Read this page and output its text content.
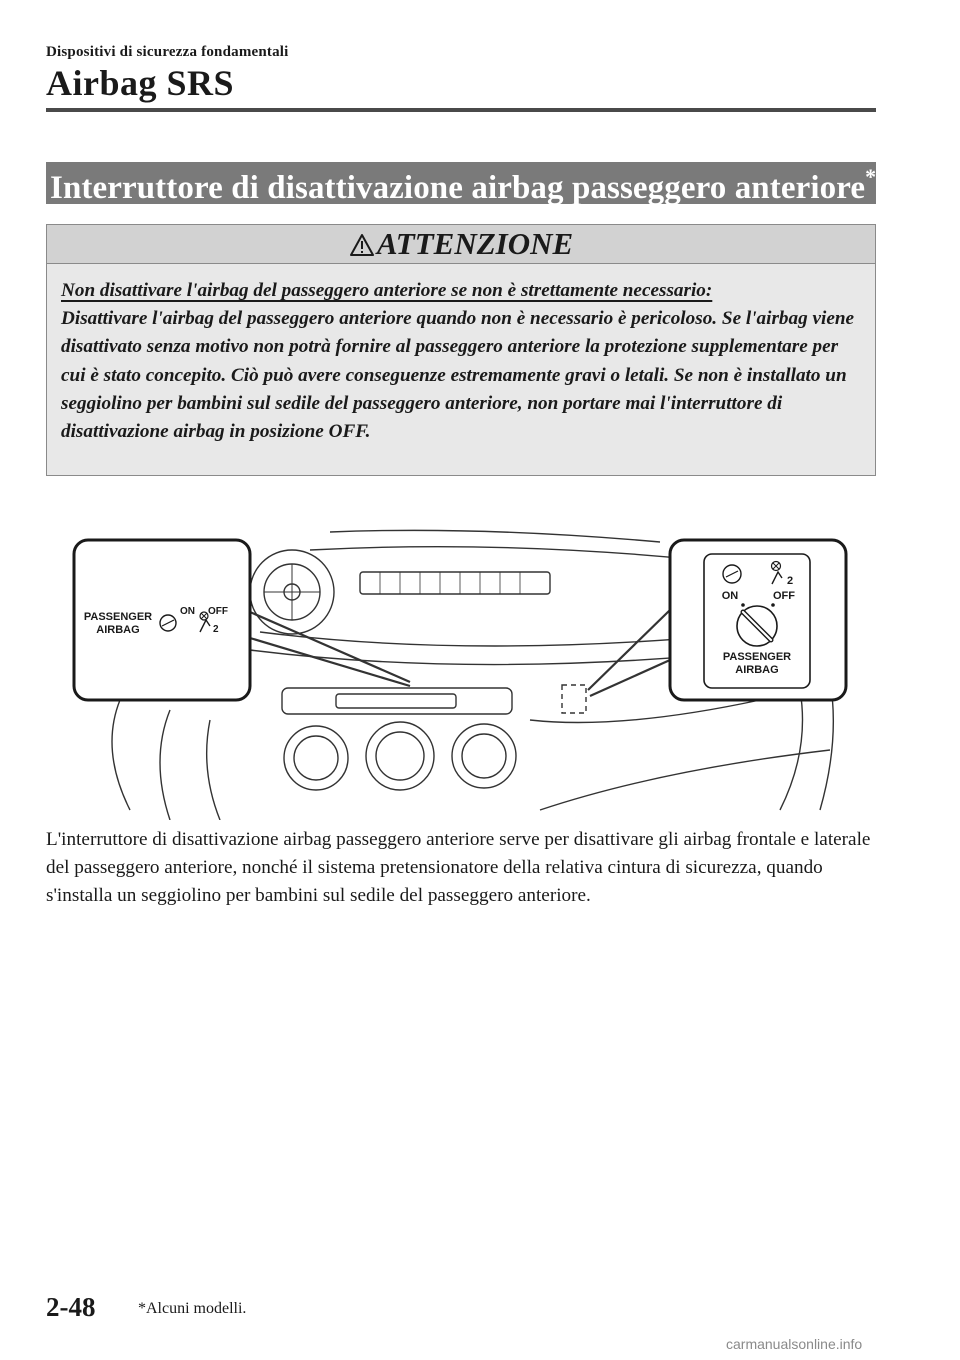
Dispositivi di sicurezza fondamentali
Airbag SRS
Interruttore di disattivazione airbag passeggero anteriore*
ATTENZIONE
Non disattivare l'airbag del passeggero anteriore se non è strettamente necessario:
Disattivare l'airbag del passeggero anteriore quando non è necessario è pericoloso. Se l'airbag viene disattivato senza motivo non potrà fornire al passeggero anteriore la protezione supplementare per cui è stato concepito. Ciò può avere conseguenze estremamente gravi o letali. Se non è installato un seggiolino per bambini sul sedile del passeggero anteriore, non portare mai l'interruttore di disattivazione airbag in posizione OFF.
PASSENGER
AIRBAG
ON OFF
2
2
ON	OFF
PASSENGER
AIRBAG
L'interruttore di disattivazione airbag passeggero anteriore serve per disattivare gli airbag frontale e laterale del passeggero anteriore, nonché il sistema pretensionatore della relativa cintura di sicurezza, quando s'installa un seggiolino per bambini sul sedile del passeggero anteriore.
2-48	*Alcuni modelli.
carmanualsonline.info
